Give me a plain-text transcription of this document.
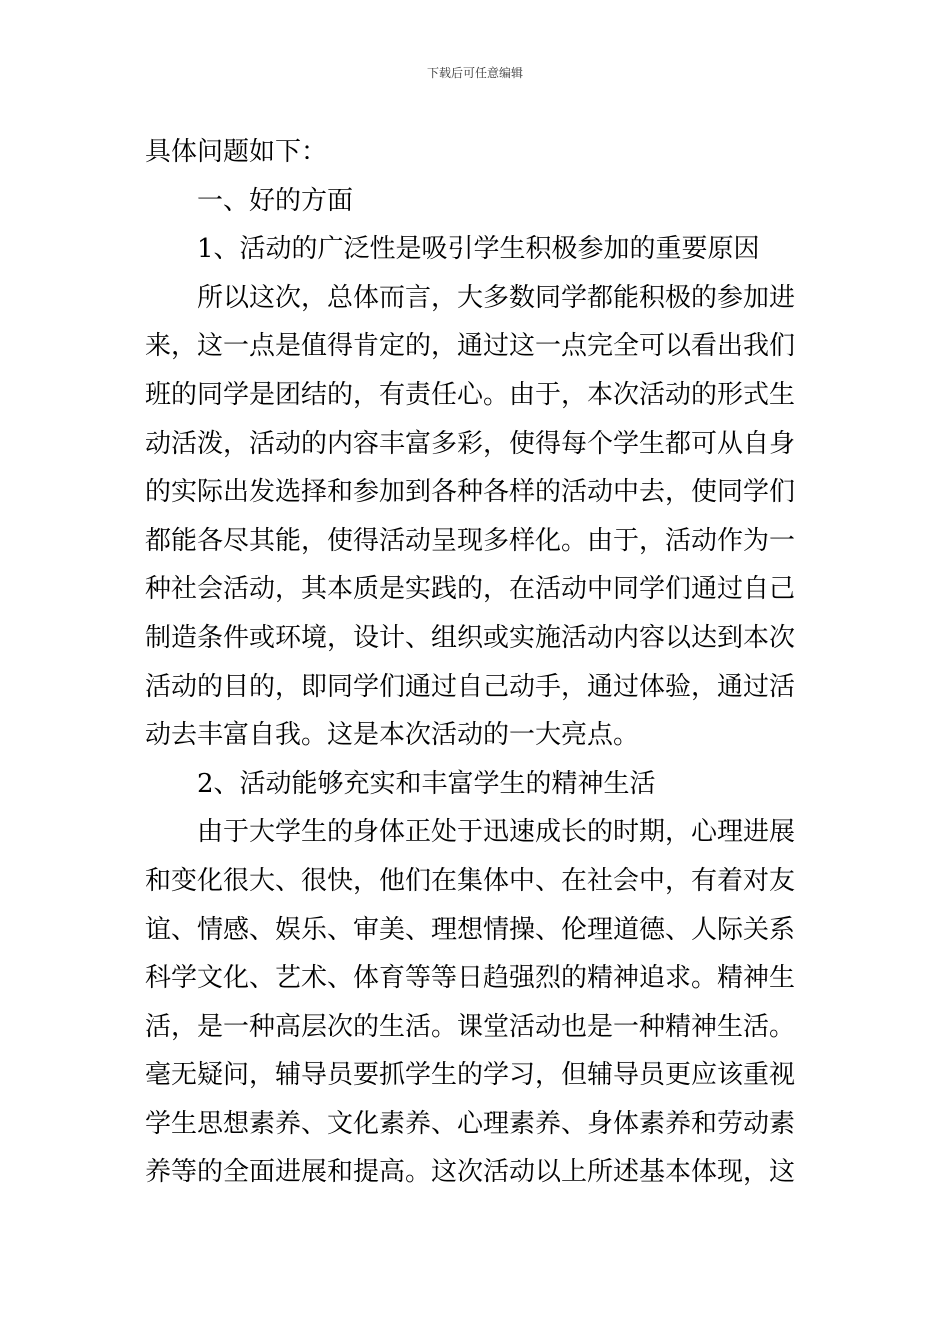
下载后可任意编辑
具体问题如下：
一、好的方面
1、活动的广泛性是吸引学生积极参加的重要原因
所以这次，总体而言，大多数同学都能积极的参加进
来，这一点是值得肯定的，通过这一点完全可以看出我们
班的同学是团结的，有责任心。由于，本次活动的形式生
动活泼，活动的内容丰富多彩，使得每个学生都可从自身
的实际出发选择和参加到各种各样的活动中去，使同学们
都能各尽其能，使得活动呈现多样化。由于，活动作为一
种社会活动，其本质是实践的，在活动中同学们通过自己
制造条件或环境，设计、组织或实施活动内容以达到本次
活动的目的，即同学们通过自己动手，通过体验，通过活
动去丰富自我。这是本次活动的一大亮点。
2、活动能够充实和丰富学生的精神生活
由于大学生的身体正处于迅速成长的时期，心理进展
和变化很大、很快，他们在集体中、在社会中，有着对友
谊、情感、娱乐、审美、理想情操、伦理道德、人际关系
科学文化、艺术、体育等等日趋强烈的精神追求。精神生
活，是一种高层次的生活。课堂活动也是一种精神生活。
毫无疑问，辅导员要抓学生的学习，但辅导员更应该重视
学生思想素养、文化素养、心理素养、身体素养和劳动素
养等的全面进展和提高。这次活动以上所述基本体现，这
